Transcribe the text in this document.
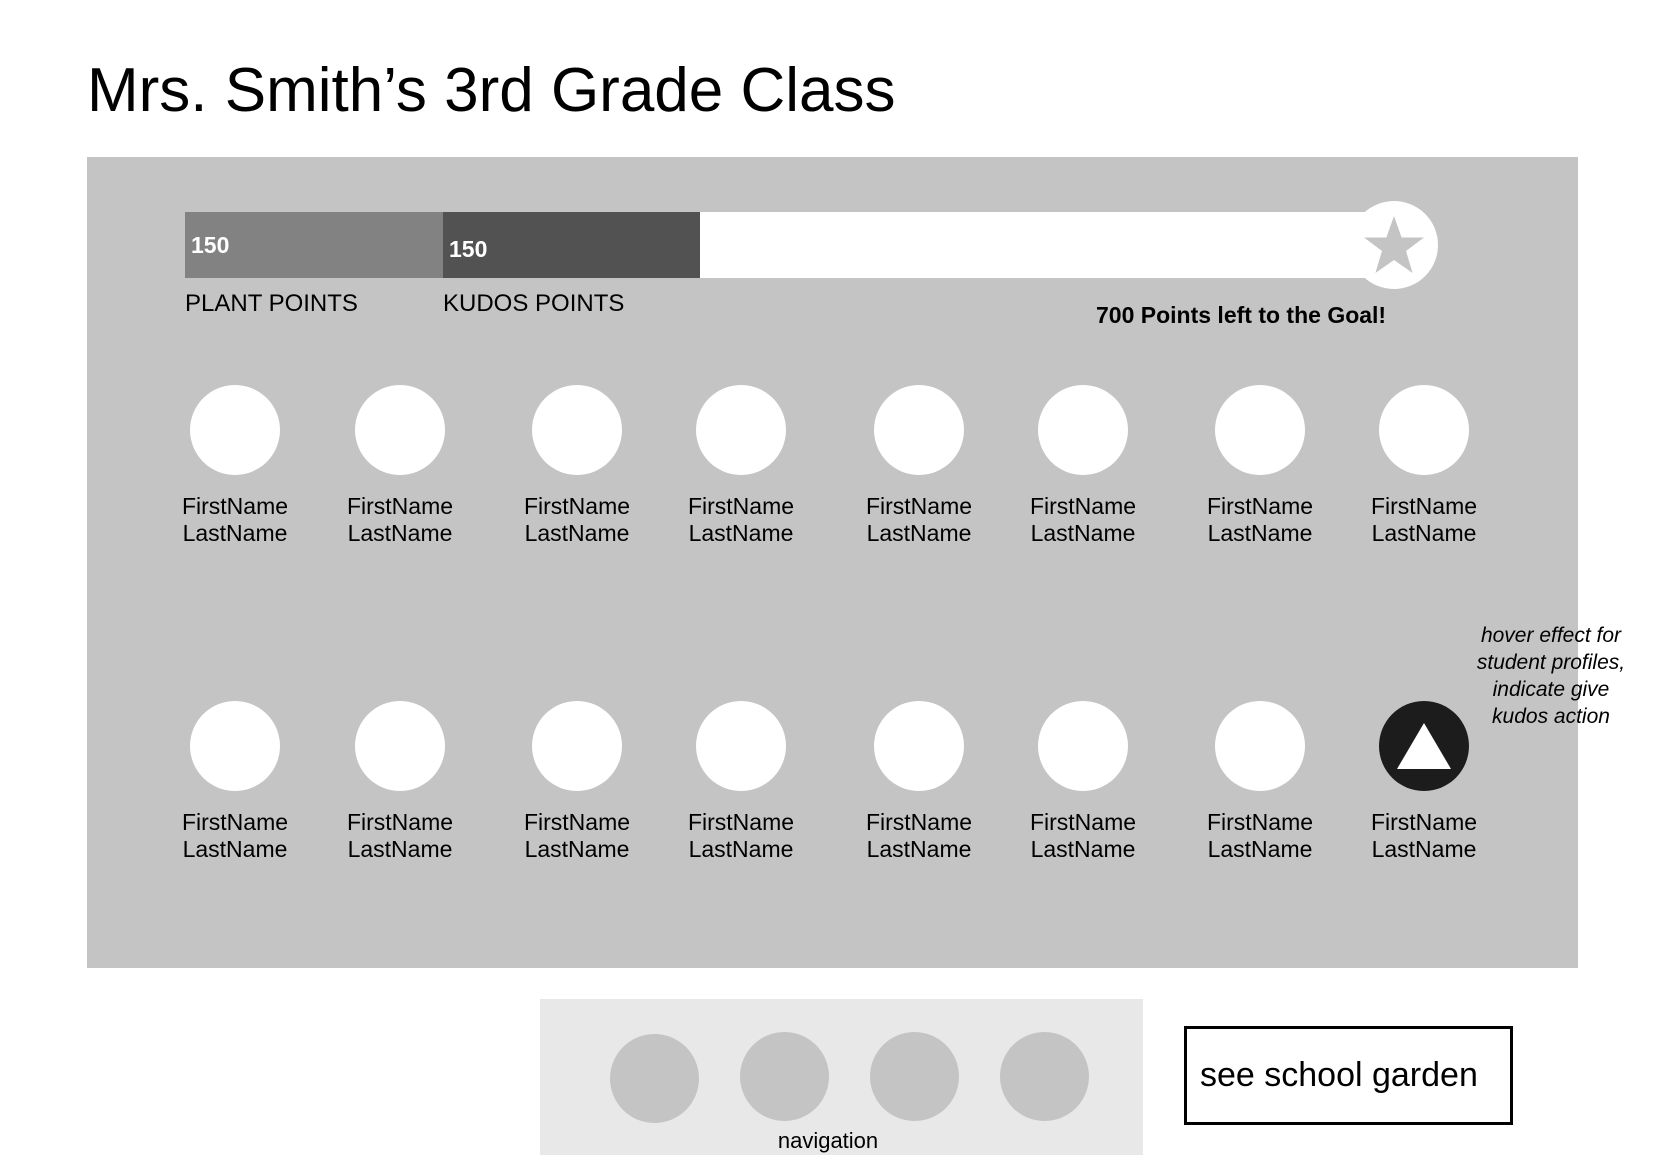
Mrs. Smith’s 3rd Grade Class
150	150
PLANT POINTS	KUDOS POINTS	700 Points left to the Goal!
FirstName
LastName
FirstName
LastName
FirstName
LastName
FirstName
LastName
FirstName
LastName
FirstName
LastName
FirstName
LastName
FirstName
LastName
FirstName
LastName
FirstName
LastName
FirstName
LastName
FirstName
LastName
FirstName
LastName
FirstName
LastName
FirstName
LastName
FirstName
LastName
hover effect for student profiles, indicate give kudos action
navigation
see school garden
